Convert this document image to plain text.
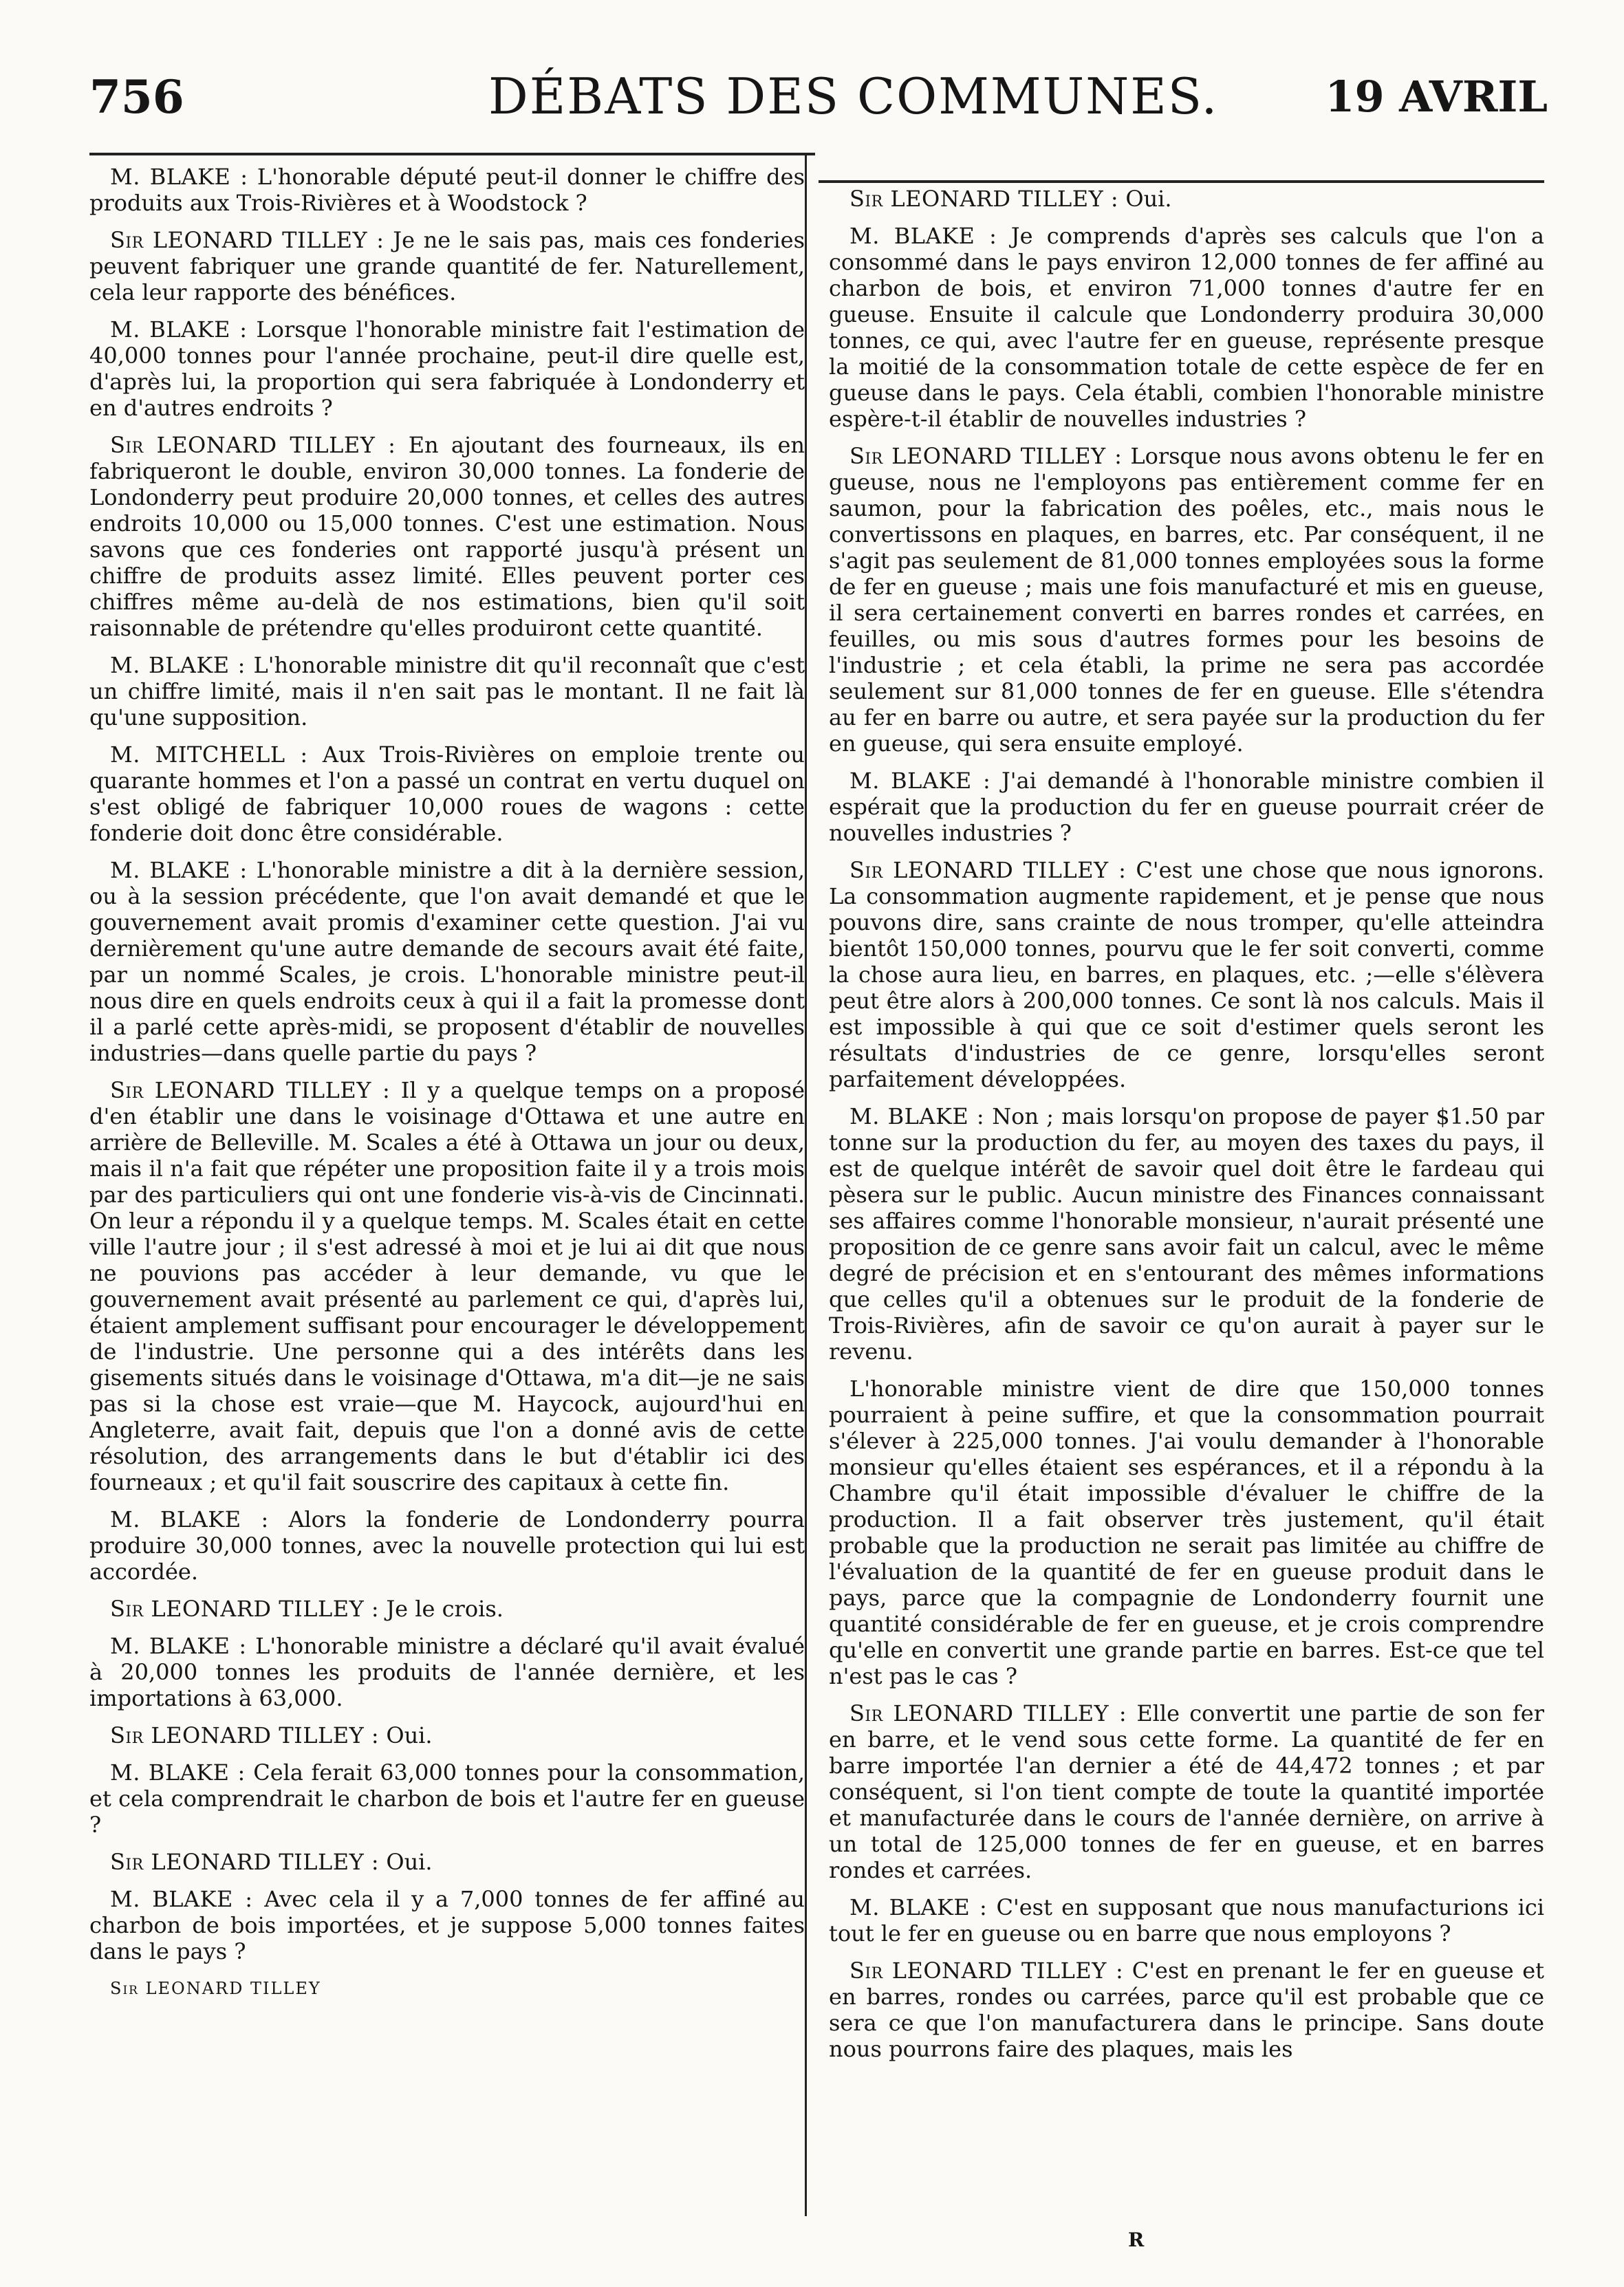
756	DÉBATS DES COMMUNES. 19 AVRIL

M. BLAKE : L'honorable député peut-il donner le chiffre des produits aux Trois-Rivières et à Woodstock ?

Sir LEONARD TILLEY : Je ne le sais pas, mais ces fonderies peuvent fabriquer une grande quantité de fer. Naturellement, cela leur rapporte des bénéfices.

M. BLAKE : Lorsque l'honorable ministre fait l'estimation de 40,000 tonnes pour l'année prochaine, peut-il dire quelle est, d'après lui, la proportion qui sera fabriquée à Londonderry et en d'autres endroits ?

Sir LEONARD TILLEY : En ajoutant des fourneaux, ils en fabriqueront le double, environ 30,000 tonnes. La fonderie de Londonderry peut produire 20,000 tonnes, et celles des autres endroits 10,000 ou 15,000 tonnes. C'est une estimation. Nous savons que ces fonderies ont rapporté jusqu'à présent un chiffre de produits assez limité. Elles peuvent porter ces chiffres même au-delà de nos estimations, bien qu'il soit raisonnable de prétendre qu'elles produiront cette quantité.

M. BLAKE : L'honorable ministre dit qu'il reconnaît que c'est un chiffre limité, mais il n'en sait pas le montant. Il ne fait là qu'une supposition.

M. MITCHELL : Aux Trois-Rivières on emploie trente ou quarante hommes et l'on a passé un contrat en vertu duquel on s'est obligé de fabriquer 10,000 roues de wagons : cette fonderie doit donc être considérable.

M. BLAKE : L'honorable ministre a dit à la dernière session, ou à la session précédente, que l'on avait demandé et que le gouvernement avait promis d'examiner cette question. J'ai vu dernièrement qu'une autre demande de secours avait été faite, par un nommé Scales, je crois. L'honorable ministre peut-il nous dire en quels endroits ceux à qui il a fait la promesse dont il a parlé cette après-midi, se proposent d'établir de nouvelles industries—dans quelle partie du pays ?

Sir LEONARD TILLEY : Il y a quelque temps on a proposé d'en établir une dans le voisinage d'Ottawa et une autre en arrière de Belleville. M. Scales a été à Ottawa un jour ou deux, mais il n'a fait que répéter une proposition faite il y a trois mois par des particuliers qui ont une fonderie vis-à-vis de Cincinnati. On leur a répondu il y a quelque temps. M. Scales était en cette ville l'autre jour ; il s'est adressé à moi et je lui ai dit que nous ne pouvions pas accéder à leur demande, vu que le gouvernement avait présenté au parlement ce qui, d'après lui, étaient amplement suffisant pour encourager le développement de l'industrie. Une personne qui a des intérêts dans les gisements situés dans le voisinage d'Ottawa, m'a dit—je ne sais pas si la chose est vraie—que M. Haycock, aujourd'hui en Angleterre, avait fait, depuis que l'on a donné avis de cette résolution, des arrangements dans le but d'établir ici des fourneaux ; et qu'il fait souscrire des capitaux à cette fin.

M. BLAKE : Alors la fonderie de Londonderry pourra produire 30,000 tonnes, avec la nouvelle protection qui lui est accordée.

Sir LEONARD TILLEY : Je le crois.

M. BLAKE : L'honorable ministre a déclaré qu'il avait évalué à 20,000 tonnes les produits de l'année dernière, et les importations à 63,000.

Sir LEONARD TILLEY : Oui.

M. BLAKE : Cela ferait 63,000 tonnes pour la consommation, et cela comprendrait le charbon de bois et l'autre fer en gueuse ?

Sir LEONARD TILLEY : Oui.

M. BLAKE : Avec cela il y a 7,000 tonnes de fer affiné au charbon de bois importées, et je suppose 5,000 tonnes faites dans le pays ?

Sir LEONARD TILLEY

Sir LEONARD TILLEY : Oui.

M. BLAKE : Je comprends d'après ses calculs que l'on a consommé dans le pays environ 12,000 tonnes de fer affiné au charbon de bois, et environ 71,000 tonnes d'autre fer en gueuse. Ensuite il calcule que Londonderry produira 30,000 tonnes, ce qui, avec l'autre fer en gueuse, représente presque la moitié de la consommation totale de cette espèce de fer en gueuse dans le pays. Cela établi, combien l'honorable ministre espère-t-il établir de nouvelles industries ?

Sir LEONARD TILLEY : Lorsque nous avons obtenu le fer en gueuse, nous ne l'employons pas entièrement comme fer en saumon, pour la fabrication des poêles, etc., mais nous le convertissons en plaques, en barres, etc. Par conséquent, il ne s'agit pas seulement de 81,000 tonnes employées sous la forme de fer en gueuse ; mais une fois manufacturé et mis en gueuse, il sera certainement converti en barres rondes et carrées, en feuilles, ou mis sous d'autres formes pour les besoins de l'industrie ; et cela établi, la prime ne sera pas accordée seulement sur 81,000 tonnes de fer en gueuse. Elle s'étendra au fer en barre ou autre, et sera payée sur la production du fer en gueuse, qui sera ensuite employé.

M. BLAKE : J'ai demandé à l'honorable ministre combien il espérait que la production du fer en gueuse pourrait créer de nouvelles industries ?

Sir LEONARD TILLEY : C'est une chose que nous ignorons. La consommation augmente rapidement, et je pense que nous pouvons dire, sans crainte de nous tromper, qu'elle atteindra bientôt 150,000 tonnes, pourvu que le fer soit converti, comme la chose aura lieu, en barres, en plaques, etc. ;—elle s'élèvera peut être alors à 200,000 tonnes. Ce sont là nos calculs. Mais il est impossible à qui que ce soit d'estimer quels seront les résultats d'industries de ce genre, lorsqu'elles seront parfaitement développées.

M. BLAKE : Non ; mais lorsqu'on propose de payer $1.50 par tonne sur la production du fer, au moyen des taxes du pays, il est de quelque intérêt de savoir quel doit être le fardeau qui pèsera sur le public. Aucun ministre des Finances connaissant ses affaires comme l'honorable monsieur, n'aurait présenté une proposition de ce genre sans avoir fait un calcul, avec le même degré de précision et en s'entourant des mêmes informations que celles qu'il a obtenues sur le produit de la fonderie de Trois-Rivières, afin de savoir ce qu'on aurait à payer sur le revenu.

L'honorable ministre vient de dire que 150,000 tonnes pourraient à peine suffire, et que la consommation pourrait s'élever à 225,000 tonnes. J'ai voulu demander à l'honorable monsieur qu'elles étaient ses espérances, et il a répondu à la Chambre qu'il était impossible d'évaluer le chiffre de la production. Il a fait observer très justement, qu'il était probable que la production ne serait pas limitée au chiffre de l'évaluation de la quantité de fer en gueuse produit dans le pays, parce que la compagnie de Londonderry fournit une quantité considérable de fer en gueuse, et je crois comprendre qu'elle en convertit une grande partie en barres. Est-ce que tel n'est pas le cas ?

Sir LEONARD TILLEY : Elle convertit une partie de son fer en barre, et le vend sous cette forme. La quantité de fer en barre importée l'an dernier a été de 44,472 tonnes ; et par conséquent, si l'on tient compte de toute la quantité importée et manufacturée dans le cours de l'année dernière, on arrive à un total de 125,000 tonnes de fer en gueuse, et en barres rondes et carrées.

M. BLAKE : C'est en supposant que nous manufacturions ici tout le fer en gueuse ou en barre que nous employons ?

Sir LEONARD TILLEY : C'est en prenant le fer en gueuse et en barres, rondes ou carrées, parce qu'il est probable que ce sera ce que l'on manufacturera dans le principe. Sans doute nous pourrons faire des plaques, mais les

R
